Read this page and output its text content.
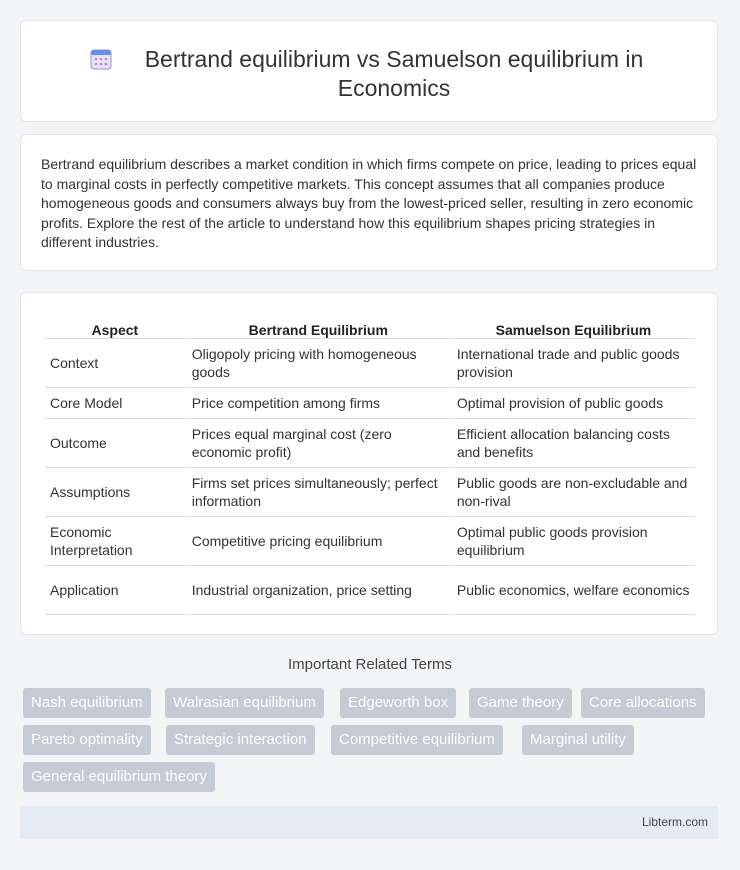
Bertrand equilibrium vs Samuelson equilibrium in Economics

Bertrand equilibrium describes a market condition in which firms compete on price, leading to prices equal to marginal costs in perfectly competitive markets. This concept assumes that all companies produce homogeneous goods and consumers always buy from the lowest-priced seller, resulting in zero economic profits. Explore the rest of the article to understand how this equilibrium shapes pricing strategies in different industries.

Aspect	Bertrand Equilibrium	Samuelson Equilibrium
Context	Oligopoly pricing with homogeneous goods	International trade and public goods provision
Core Model	Price competition among firms	Optimal provision of public goods
Outcome	Prices equal marginal cost (zero economic profit)	Efficient allocation balancing costs and benefits
Assumptions	Firms set prices simultaneously; perfect information	Public goods are non-excludable and non-rival
Economic Interpretation	Competitive pricing equilibrium	Optimal public goods provision equilibrium
Application	Industrial organization, price setting	Public economics, welfare economics
Important Related Terms
Nash equilibrium	Walrasian equilibrium	Edgeworth box	Game theory	Core allocations
Pareto optimality	Strategic interaction	Competitive equilibrium	Marginal utility
General equilibrium theory
Libterm.com
